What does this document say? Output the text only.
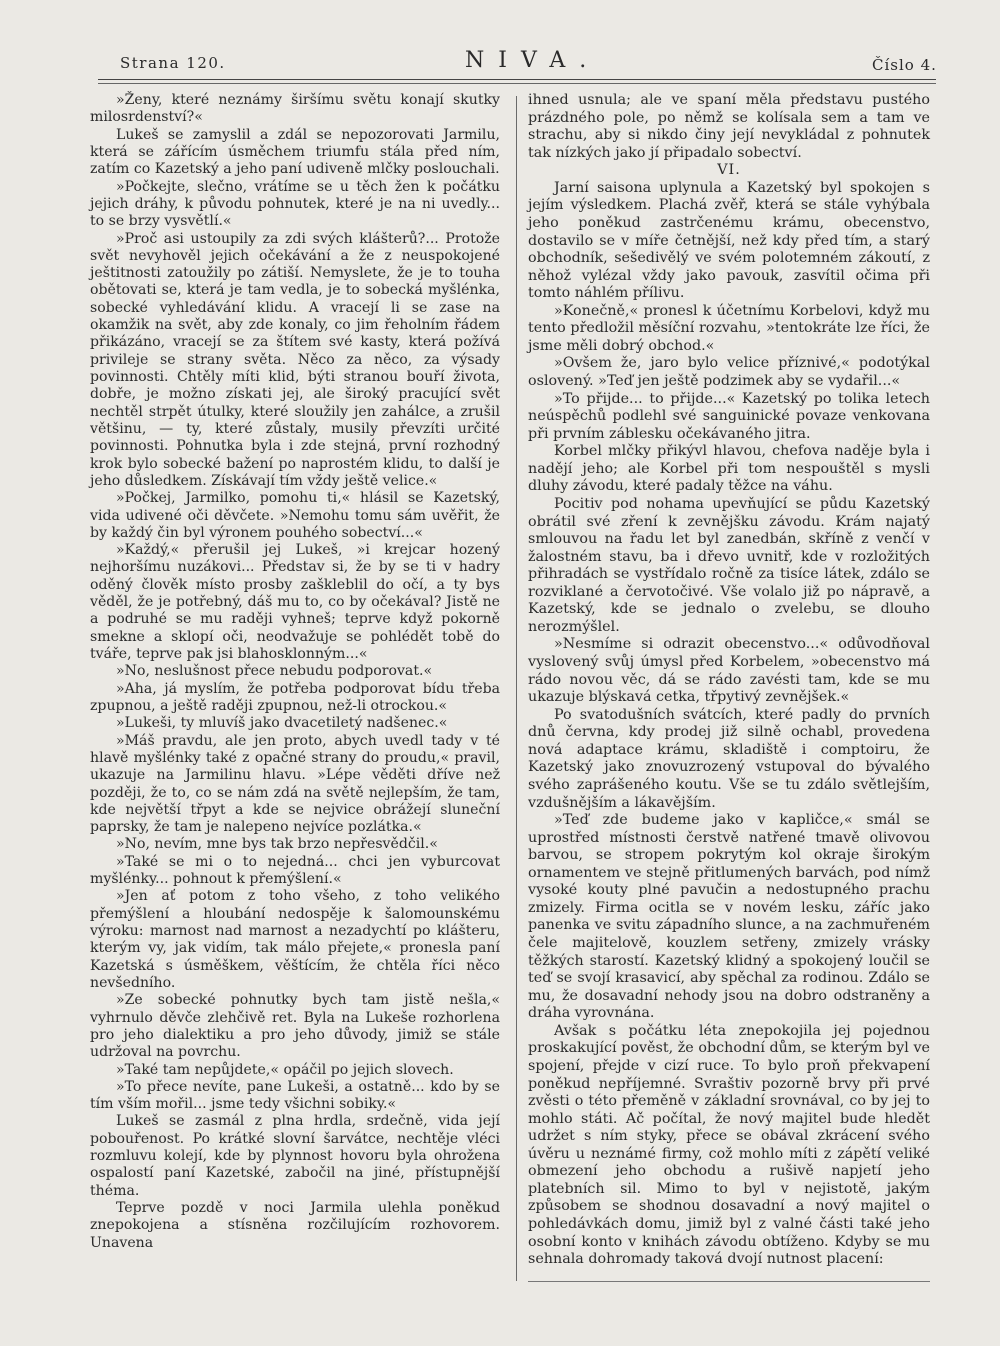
Strana 120.	NIVA.	Číslo 4.

»Ženy, které neznámy širšímu světu konají skutky milosrdenství?«

Lukeš se zamyslil a zdál se nepozorovati Jarmilu, která se zářícím úsměchem triumfu stála před ním, zatím co Kazetský a jeho paní udiveně mlčky poslouchali.

»Počkejte, slečno, vrátíme se u těch žen k počátku jejich dráhy, k původu pohnutek, které je na ni uvedly... to se brzy vysvětlí.«

»Proč asi ustoupily za zdi svých klášterů?... Protože svět nevyhověl jejich očekávání a že z neuspokojené ještitnosti zatoužily po zátiší. Nemyslete, že je to touha obětovati se, která je tam vedla, je to sobecká myšlénka, sobecké vyhledávání klidu. A vracejí li se zase na okamžik na svět, aby zde konaly, co jim řeholním řádem přikázáno, vracejí se za štítem své kasty, která požívá privileje se strany světa. Něco za něco, za výsady povinnosti. Chtěly míti klid, býti stranou bouří života, dobře, je možno získati jej, ale široký pracující svět nechtěl strpět útulky, které sloužily jen zahálce, a zrušil většinu, — ty, které zůstaly, musily převzíti určité povinnosti. Pohnutka byla i zde stejná, první rozhodný krok bylo sobecké bažení po naprostém klidu, to další je jeho důsledkem. Získávají tím vždy ještě velice.«

»Počkej, Jarmilko, pomohu ti,« hlásil se Kazetský, vida udivené oči děvčete. »Nemohu tomu sám uvěřit, že by každý čin byl výronem pouhého sobectví...«

»Každý,« přerušil jej Lukeš, »i krejcar hozený nejhoršímu nuzákovi... Představ si, že by se ti v hadry oděný člověk místo prosby zaškleblil do očí, a ty bys věděl, že je potřebný, dáš mu to, co by očekával? Jistě ne a podruhé se mu raději vyhneš; teprve když pokorně smekne a sklopí oči, neodvažuje se pohlédět tobě do tváře, teprve pak jsi blahosklonným...«

»No, neslušnost přece nebudu podporovat.«

»Aha, já myslím, že potřeba podporovat bídu třeba zpupnou, a ještě raději zpupnou, než-li otrockou.«

»Lukeši, ty mluvíš jako dvacetiletý nadšenec.«

»Máš pravdu, ale jen proto, abych uvedl tady v té hlavě myšlénky také z opačné strany do proudu,« pravil, ukazuje na Jarmilinu hlavu. »Lépe věděti dříve než později, že to, co se nám zdá na světě nejlepším, že tam, kde největší třpyt a kde se nejvice obrážejí sluneční paprsky, že tam je nalepeno nejvíce pozlátka.«

»No, nevím, mne bys tak brzo nepřesvědčil.«

»Také se mi o to nejedná... chci jen vyburcovat myšlénky... pohnout k přemýšlení.«

»Jen ať potom z toho všeho, z toho velikého přemýšlení a hloubání nedospěje k šalomounskému výroku: marnost nad marnost a nezadychtí po klášteru, kterým vy, jak vidím, tak málo přejete,« pronesla paní Kazetská s úsměškem, věštícím, že chtěla říci něco nevšedního.

»Ze sobecké pohnutky bych tam jistě nešla,« vyhrnulo děvče zlehčivě ret. Byla na Lukeše rozhorlena pro jeho dialektiku a pro jeho důvody, jimiž se stále udržoval na povrchu.

»Také tam nepůjdete,« opáčil po jejich slovech.

»To přece nevíte, pane Lukeši, a ostatně... kdo by se tím vším mořil... jsme tedy všichni sobiky.«

Lukeš se zasmál z plna hrdla, srdečně, vida její pobouřenost. Po krátké slovní šarvátce, nechtěje vléci rozmluvu kolejí, kde by plynnost hovoru byla ohrožena ospalostí paní Kazetské, zabočil na jiné, přístupnější théma.

Teprve pozdě v noci Jarmila ulehla poněkud znepokojena a stísněna rozčilujícím rozhovorem. Unavena

ihned usnula; ale ve spaní měla představu pustého prázdného pole, po němž se kolísala sem a tam ve strachu, aby si nikdo činy její nevykládal z pohnutek tak nízkých jako jí připadalo sobectví.

VI.

Jarní saisona uplynula a Kazetský byl spokojen s jejím výsledkem. Plachá zvěř, která se stále vyhýbala jeho poněkud zastrčenému krámu, obecenstvo, dostavilo se v míře četnější, než kdy před tím, a starý obchodník, sešedivělý ve svém polotemném zákoutí, z něhož vylézal vždy jako pavouk, zasvítil očima při tomto náhlém přílivu.

»Konečně,« pronesl k účetnímu Korbelovi, když mu tento předložil měsíční rozvahu, »tentokráte lze říci, že jsme měli dobrý obchod.«

»Ovšem že, jaro bylo velice příznivé,« podotýkal oslovený. »Teď jen ještě podzimek aby se vydařil...«

»To přijde... to přijde...« Kazetský po tolika letech neúspěchů podlehl své sanguinické povaze venkovana při prvním záblesku očekávaného jitra.

Korbel mlčky přikývl hlavou, chefova naděje byla i nadějí jeho; ale Korbel při tom nespouštěl s mysli dluhy závodu, které padaly těžce na váhu.

Pocitiv pod nohama upevňující se půdu Kazetský obrátil své zření k zevnějšku závodu. Krám najatý smlouvou na řadu let byl zanedbán, skříně z venčí v žalostném stavu, ba i dřevo uvnitř, kde v rozložitých přihradách se vystřídalo ročně za tisíce látek, zdálo se rozviklané a červotočivé. Vše volalo již po nápravě, a Kazetský, kde se jednalo o zvelebu, se dlouho nerozmýšlel.

»Nesmíme si odrazit obecenstvo...« odůvodňoval vyslovený svůj úmysl před Korbelem, »obecenstvo má rádo novou věc, dá se rádo zavésti tam, kde se mu ukazuje blýskavá cetka, třpytivý zevnějšek.«

Po svatodušních svátcích, které padly do prvních dnů června, kdy prodej již silně ochabl, provedena nová adaptace krámu, skladiště i comptoiru, že Kazetský jako znovuzrozený vstupoval do bývalého svého zaprášeného koutu. Vše se tu zdálo světlejším, vzdušnějším a lákavějším.

»Teď zde budeme jako v kapličce,« smál se uprostřed místnosti čerstvě natřené tmavě olivovou barvou, se stropem pokrytým kol okraje širokým ornamentem ve stejně přitlumených barvách, pod nímž vysoké kouty plné pavučin a nedostupného prachu zmizely. Firma ocitla se v novém lesku, záříc jako panenka ve svitu západního slunce, a na zachmuřeném čele majitelově, kouzlem setřeny, zmizely vrásky těžkých starostí. Kazetský klidný a spokojený loučil se teď se svojí krasavicí, aby spěchal za rodinou. Zdálo se mu, že dosavadní nehody jsou na dobro odstraněny a dráha vyrovnána.

Avšak s počátku léta znepokojila jej pojednou proskakující pověst, že obchodní dům, se kterým byl ve spojení, přejde v cizí ruce. To bylo proň překvapení poněkud nepříjemné. Svraštiv pozorně brvy při prvé zvěsti o této přeměně v základní srovnával, co by jej to mohlo státi. Ač počítal, že nový majitel bude hledět udržet s ním styky, přece se obával zkrácení svého úvěru u neznámé firmy, což mohlo míti z zápětí veliké obmezení jeho obchodu a rušivě napjetí jeho platebních sil. Mimo to byl v nejistotě, jakým způsobem se shodnou dosavadní a nový majitel o pohledávkách domu, jimiž byl z valné části také jeho osobní konto v knihách závodu obtíženo. Kdyby se mu sehnala dohromady taková dvojí nutnost placení:
